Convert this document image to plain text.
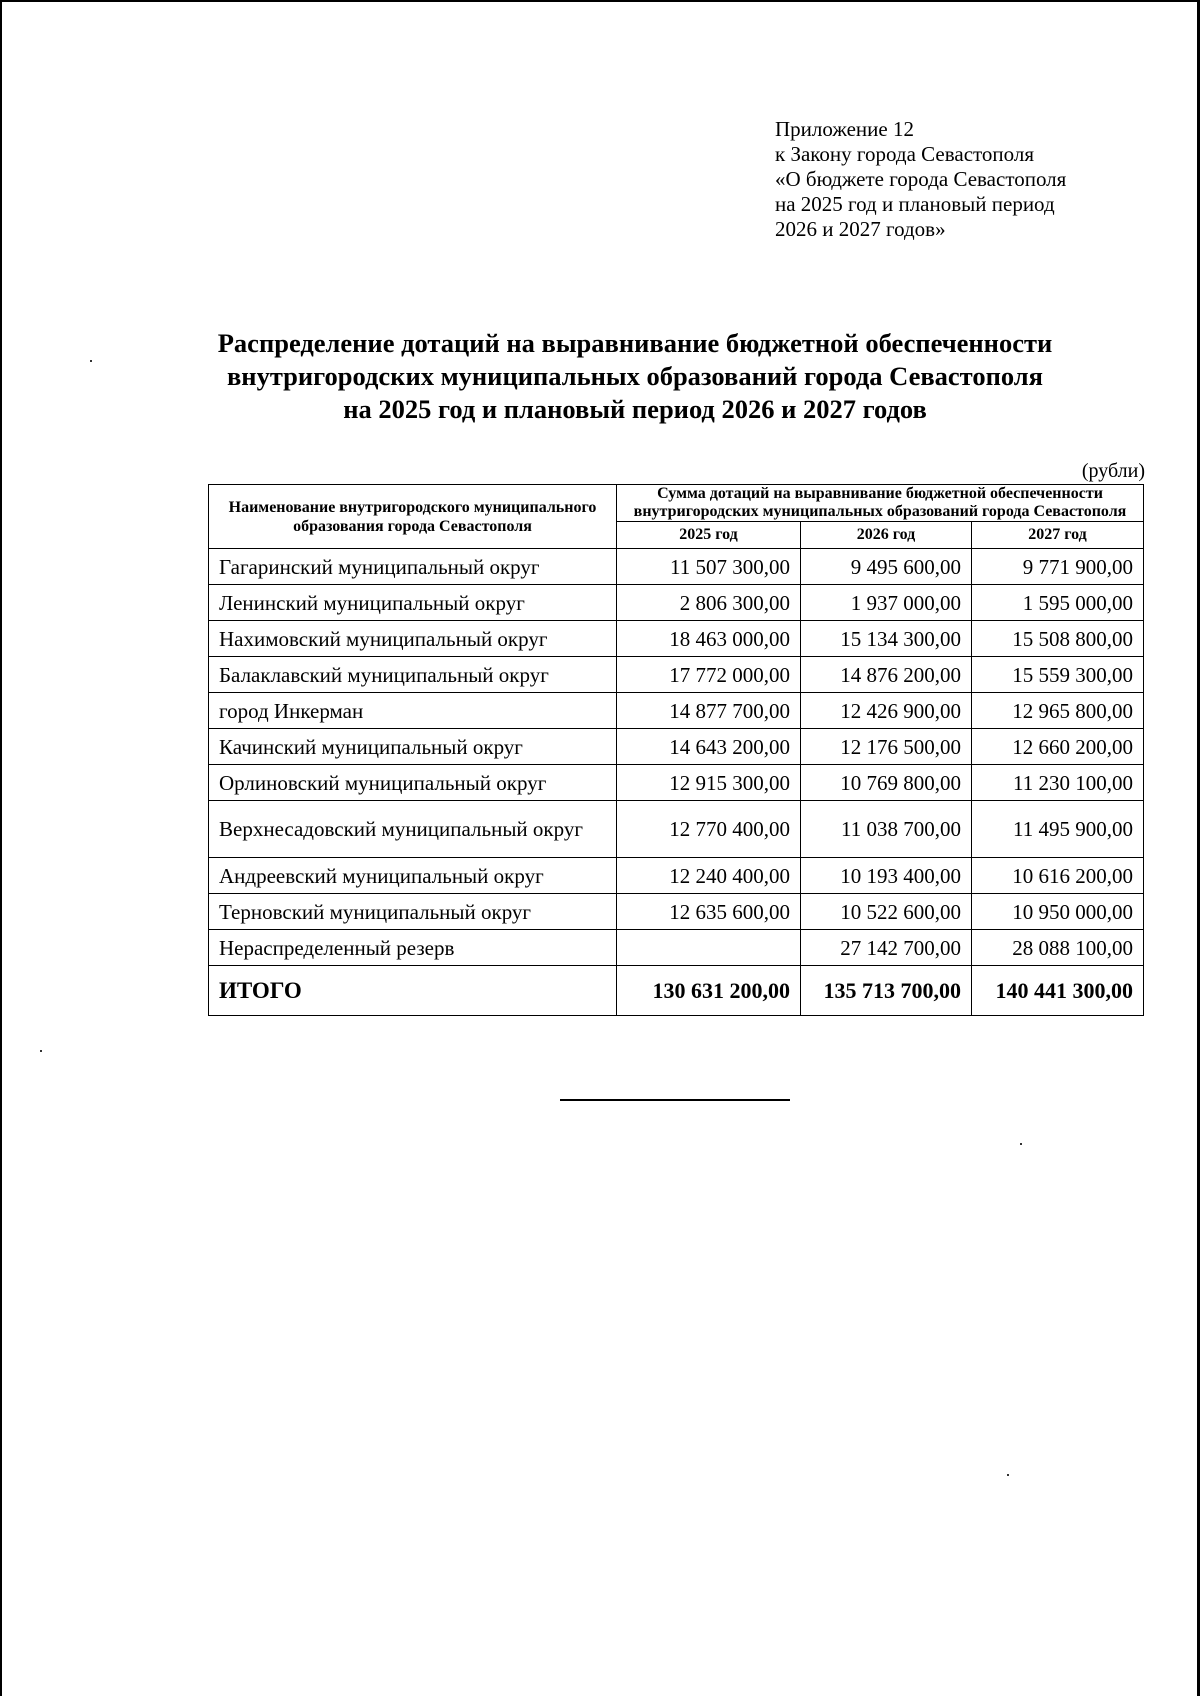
Приложение 12
к Закону города Севастополя
«О бюджете города Севастополя
на 2025 год и плановый период
2026 и 2027 годов»
Распределение дотаций на выравнивание бюджетной обеспеченности
внутригородских муниципальных образований города Севастополя
на 2025 год и плановый период 2026 и 2027 годов
(рубли)
Наименование внутригородского муниципального образования города Севастополя	Сумма дотаций на выравнивание бюджетной обеспеченности внутригородских муниципальных образований города Севастополя		
	2025 год	2026 год	2027 год
Гагаринский муниципальный округ	11 507 300,00	9 495 600,00	9 771 900,00
Ленинский муниципальный округ	2 806 300,00	1 937 000,00	1 595 000,00
Нахимовский муниципальный округ	18 463 000,00	15 134 300,00	15 508 800,00
Балаклавский муниципальный округ	17 772 000,00	14 876 200,00	15 559 300,00
город Инкерман	14 877 700,00	12 426 900,00	12 965 800,00
Качинский муниципальный округ	14 643 200,00	12 176 500,00	12 660 200,00
Орлиновский муниципальный округ	12 915 300,00	10 769 800,00	11 230 100,00
Верхнесадовский муниципальный округ	12 770 400,00	11 038 700,00	11 495 900,00
Андреевский муниципальный округ	12 240 400,00	10 193 400,00	10 616 200,00
Терновский муниципальный округ	12 635 600,00	10 522 600,00	10 950 000,00
Нераспределенный резерв		27 142 700,00	28 088 100,00
ИТОГО	130 631 200,00	135 713 700,00	140 441 300,00
